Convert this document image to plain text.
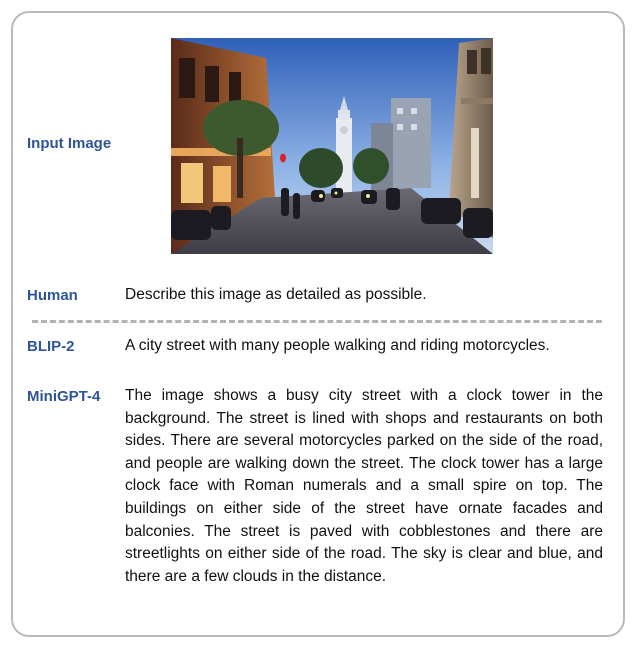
Input Image
Human	Describe this image as detailed as possible.
BLIP-2	A city street with many people walking and riding motorcycles.
MiniGPT-4 The image shows a busy city street with a clock tower in the background. The street is lined with shops and restaurants on both sides. There are several motorcycles parked on the side of the road, and people are walking down the street. The clock tower has a large clock face with Roman numerals and a small spire on top. The buildings on either side of the street have ornate facades and balconies. The street is paved with cobblestones and there are streetlights on either side of the road. The sky is clear and blue, and there are a few clouds in the distance.
